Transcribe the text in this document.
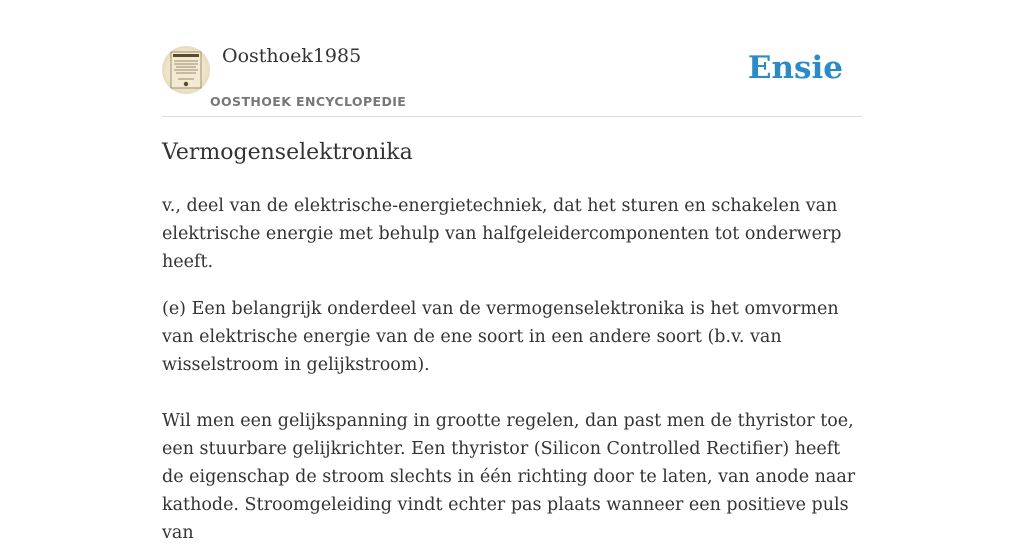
Oosthoek1985
OOSTHOEK ENCYCLOPEDIE
Ensie
Vermogenselektronika

v., deel van de elektrische-energietechniek, dat het sturen en schakelen van elektrische energie met behulp van halfgeleidercomponenten tot onderwerp heeft.

(e) Een belangrijk onderdeel van de vermogenselektronika is het omvormen van elektrische energie van de ene soort in een andere soort (b.v. van wisselstroom in gelijkstroom).

Wil men een gelijkspanning in grootte regelen, dan past men de thyristor toe, een stuurbare gelijkrichter. Een thyristor (Silicon Controlled Rectifier) heeft de eigenschap de stroom slechts in één richting door te laten, van anode naar kathode. Stroomgeleiding vindt echter pas plaats wanneer een positieve puls van
